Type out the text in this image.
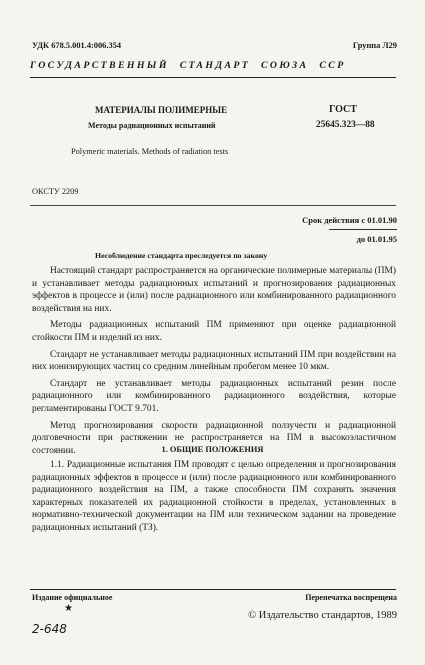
УДК 678.5.001.4:006.354	Группа Л29
ГОСУДАРСТВЕННЫЙ СТАНДАРТ СОЮЗА ССР
МАТЕРИАЛЫ ПОЛИМЕРНЫЕ
Методы радиационных испытаний
ГОСТ
25645.323—88
Polymeric materials. Methods of radiation tests
ОКСТУ 2209
Срок действия с 01.01.90
до 01.01.95
Несоблюдение стандарта преследуется по закону

Настоящий стандарт распространяется на органические полимерные материалы (ПМ) и устанавливает методы радиационных испытаний и прогнозирования радиационных эффектов в процессе и (или) после радиационного или комбинированного радиационного воздействия на них.

Методы радиационных испытаний ПМ применяют при оценке радиационной стойкости ПМ и изделий из них.

Стандарт не устанавливает методы радиационных испытаний ПМ при воздействии на них ионизирующих частиц со средним линейным пробегом менее 10 мкм.

Стандарт не устанавливает методы радиационных испытаний резин после радиационного или комбинированного радиационного воздействия, которые регламентированы ГОСТ 9.701.

Метод прогнозирования скорости радиационной ползучести и радиационной долговечности при растяжении не распространяется на ПМ в высокоэластичном состоянии.	1. ОБЩИЕ ПОЛОЖЕНИЯ

1.1. Радиационные испытания ПМ проводят с целью определения и прогнозирования радиационных эффектов в процессе и (или) после радиационного или комбинированного радиационного воздействия на ПМ, а также способности ПМ сохранять значения характерных показателей их радиационной стойкости в пределах, установленных в нормативно-технической документации на ПМ или техническом задании на проведение радиационных испытаний (ТЗ).

Издание официальное	Перепечатка воспрещена
★
© Издательство стандартов, 1989
2-648
